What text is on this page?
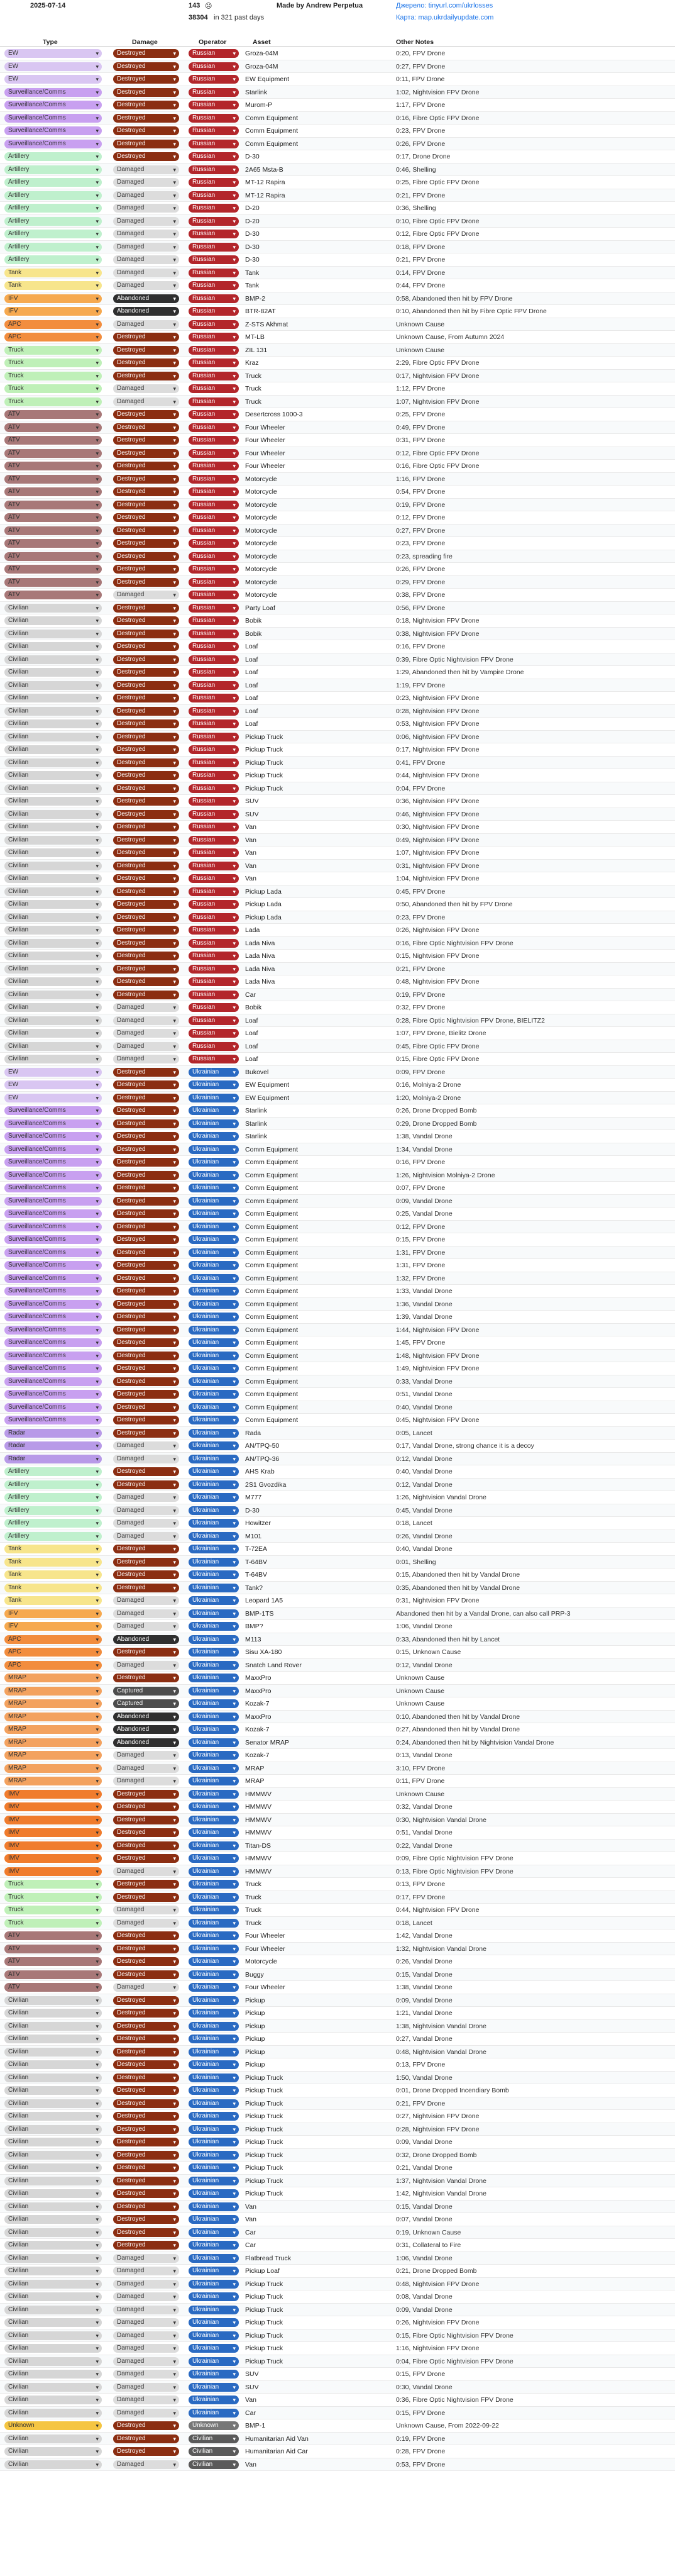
2025-07-14	143 ☹
38304 in 321 past days
Made by Andrew Perpetua	Джерело: tinyurl.com/ukrlosses
Карта: map.ukrdailyupdate.com
Type	Damage	Operator	Asset	Other Notes
EW ▾	Destroyed ▾	Russian ▾	Groza-04M	0:20, FPV Drone
EW ▾	Destroyed ▾	Russian ▾	Groza-04M	0:27, FPV Drone
EW ▾	Destroyed ▾	Russian ▾	EW Equipment	0:11, FPV Drone
Surveillance/Comms ▾	Destroyed ▾	Russian ▾	Starlink	1:02, Nightvision FPV Drone
Surveillance/Comms ▾	Destroyed ▾	Russian ▾	Murom-P	1:17, FPV Drone
Surveillance/Comms ▾	Destroyed ▾	Russian ▾	Comm Equipment	0:16, Fibre Optic FPV Drone
Surveillance/Comms ▾	Destroyed ▾	Russian ▾	Comm Equipment	0:23, FPV Drone
Surveillance/Comms ▾	Destroyed ▾	Russian ▾	Comm Equipment	0:26, FPV Drone
Artillery ▾	Destroyed ▾	Russian ▾	D-30	0:17, Drone Drone
Artillery ▾	Damaged ▾	Russian ▾	2A65 Msta-B	0:46, Shelling
Artillery ▾	Damaged ▾	Russian ▾	MT-12 Rapira	0:25, Fibre Optic FPV Drone
Artillery ▾	Damaged ▾	Russian ▾	MT-12 Rapira	0:21, FPV Drone
Artillery ▾	Damaged ▾	Russian ▾	D-20	0:36, Shelling
Artillery ▾	Damaged ▾	Russian ▾	D-20	0:10, Fibre Optic FPV Drone
Artillery ▾	Damaged ▾	Russian ▾	D-30	0:12, Fibre Optic FPV Drone
Artillery ▾	Damaged ▾	Russian ▾	D-30	0:18, FPV Drone
Artillery ▾	Damaged ▾	Russian ▾	D-30	0:21, FPV Drone
Tank ▾	Damaged ▾	Russian ▾	Tank	0:14, FPV Drone
Tank ▾	Damaged ▾	Russian ▾	Tank	0:44, FPV Drone
IFV ▾	Abandoned ▾	Russian ▾	BMP-2	0:58, Abandoned then hit by FPV Drone
IFV ▾	Abandoned ▾	Russian ▾	BTR-82AT	0:10, Abandoned then hit by Fibre Optic FPV Drone
APC ▾	Damaged ▾	Russian ▾	Z-STS Akhmat	Unknown Cause
APC ▾	Destroyed ▾	Russian ▾	MT-LB	Unknown Cause, From Autumn 2024
Truck ▾	Destroyed ▾	Russian ▾	ZIL 131	Unknown Cause
Truck ▾	Destroyed ▾	Russian ▾	Kraz	2:29, Fibre Optic FPV Drone
Truck ▾	Destroyed ▾	Russian ▾	Truck	0:17, Nightvision FPV Drone
Truck ▾	Damaged ▾	Russian ▾	Truck	1:12, FPV Drone
Truck ▾	Damaged ▾	Russian ▾	Truck	1:07, Nightvision FPV Drone
ATV ▾	Destroyed ▾	Russian ▾	Desertcross 1000-3	0:25, FPV Drone
ATV ▾	Destroyed ▾	Russian ▾	Four Wheeler	0:49, FPV Drone
ATV ▾	Destroyed ▾	Russian ▾	Four Wheeler	0:31, FPV Drone
ATV ▾	Destroyed ▾	Russian ▾	Four Wheeler	0:12, Fibre Optic FPV Drone
ATV ▾	Destroyed ▾	Russian ▾	Four Wheeler	0:16, Fibre Optic FPV Drone
ATV ▾	Destroyed ▾	Russian ▾	Motorcycle	1:16, FPV Drone
ATV ▾	Destroyed ▾	Russian ▾	Motorcycle	0:54, FPV Drone
ATV ▾	Destroyed ▾	Russian ▾	Motorcycle	0:19, FPV Drone
ATV ▾	Destroyed ▾	Russian ▾	Motorcycle	0:12, FPV Drone
ATV ▾	Destroyed ▾	Russian ▾	Motorcycle	0:27, FPV Drone
ATV ▾	Destroyed ▾	Russian ▾	Motorcycle	0:23, FPV Drone
ATV ▾	Destroyed ▾	Russian ▾	Motorcycle	0:23, spreading fire
ATV ▾	Destroyed ▾	Russian ▾	Motorcycle	0:26, FPV Drone
ATV ▾	Destroyed ▾	Russian ▾	Motorcycle	0:29, FPV Drone
ATV ▾	Damaged ▾	Russian ▾	Motorcycle	0:38, FPV Drone
Civilian ▾	Destroyed ▾	Russian ▾	Party Loaf	0:56, FPV Drone
Civilian ▾	Destroyed ▾	Russian ▾	Bobik	0:18, Nightvision FPV Drone
Civilian ▾	Destroyed ▾	Russian ▾	Bobik	0:38, Nightvision FPV Drone
Civilian ▾	Destroyed ▾	Russian ▾	Loaf	0:16, FPV Drone
Civilian ▾	Destroyed ▾	Russian ▾	Loaf	0:39, Fibre Optic Nightvision FPV Drone
Civilian ▾	Destroyed ▾	Russian ▾	Loaf	1:29, Abandoned then hit by Vampire Drone
Civilian ▾	Destroyed ▾	Russian ▾	Loaf	1:19, FPV Drone
Civilian ▾	Destroyed ▾	Russian ▾	Loaf	0:23, Nightvision FPV Drone
Civilian ▾	Destroyed ▾	Russian ▾	Loaf	0:28, Nightvision FPV Drone
Civilian ▾	Destroyed ▾	Russian ▾	Loaf	0:53, Nightvision FPV Drone
Civilian ▾	Destroyed ▾	Russian ▾	Pickup Truck	0:06, Nightvision FPV Drone
Civilian ▾	Destroyed ▾	Russian ▾	Pickup Truck	0:17, Nightvision FPV Drone
Civilian ▾	Destroyed ▾	Russian ▾	Pickup Truck	0:41, FPV Drone
Civilian ▾	Destroyed ▾	Russian ▾	Pickup Truck	0:44, Nightvision FPV Drone
Civilian ▾	Destroyed ▾	Russian ▾	Pickup Truck	0:04, FPV Drone
Civilian ▾	Destroyed ▾	Russian ▾	SUV	0:36, Nightvision FPV Drone
Civilian ▾	Destroyed ▾	Russian ▾	SUV	0:46, Nightvision FPV Drone
Civilian ▾	Destroyed ▾	Russian ▾	Van	0:30, Nightvision FPV Drone
Civilian ▾	Destroyed ▾	Russian ▾	Van	0:49, Nightvision FPV Drone
Civilian ▾	Destroyed ▾	Russian ▾	Van	1:07, Nightvision FPV Drone
Civilian ▾	Destroyed ▾	Russian ▾	Van	0:31, Nightvision FPV Drone
Civilian ▾	Destroyed ▾	Russian ▾	Van	1:04, Nightvision FPV Drone
Civilian ▾	Destroyed ▾	Russian ▾	Pickup Lada	0:45, FPV Drone
Civilian ▾	Destroyed ▾	Russian ▾	Pickup Lada	0:50, Abandoned then hit by FPV Drone
Civilian ▾	Destroyed ▾	Russian ▾	Pickup Lada	0:23, FPV Drone
Civilian ▾	Destroyed ▾	Russian ▾	Lada	0:26, Nightvision FPV Drone
Civilian ▾	Destroyed ▾	Russian ▾	Lada Niva	0:16, Fibre Optic Nightvision FPV Drone
Civilian ▾	Destroyed ▾	Russian ▾	Lada Niva	0:15, Nightvision FPV Drone
Civilian ▾	Destroyed ▾	Russian ▾	Lada Niva	0:21, FPV Drone
Civilian ▾	Destroyed ▾	Russian ▾	Lada Niva	0:48, Nightvision FPV Drone
Civilian ▾	Destroyed ▾	Russian ▾	Car	0:19, FPV Drone
Civilian ▾	Damaged ▾	Russian ▾	Bobik	0:32, FPV Drone
Civilian ▾	Damaged ▾	Russian ▾	Loaf	0:28, Fibre Optic Nightvision FPV Drone, BIELITZ2
Civilian ▾	Damaged ▾	Russian ▾	Loaf	1:07, FPV Drone, Bielitz Drone
Civilian ▾	Damaged ▾	Russian ▾	Loaf	0:45, Fibre Optic FPV Drone
Civilian ▾	Damaged ▾	Russian ▾	Loaf	0:15, Fibre Optic FPV Drone
EW ▾	Destroyed ▾	Ukrainian ▾	Bukovel	0:09, FPV Drone
EW ▾	Destroyed ▾	Ukrainian ▾	EW Equipment	0:16, Molniya-2 Drone
EW ▾	Destroyed ▾	Ukrainian ▾	EW Equipment	1:20, Molniya-2 Drone
Surveillance/Comms ▾	Destroyed ▾	Ukrainian ▾	Starlink	0:26, Drone Dropped Bomb
Surveillance/Comms ▾	Destroyed ▾	Ukrainian ▾	Starlink	0:29, Drone Dropped Bomb
Surveillance/Comms ▾	Destroyed ▾	Ukrainian ▾	Starlink	1:38, Vandal Drone
Surveillance/Comms ▾	Destroyed ▾	Ukrainian ▾	Comm Equipment	1:34, Vandal Drone
Surveillance/Comms ▾	Destroyed ▾	Ukrainian ▾	Comm Equipment	0:16, FPV Drone
Surveillance/Comms ▾	Destroyed ▾	Ukrainian ▾	Comm Equipment	1:26, Nightvision Molniya-2 Drone
Surveillance/Comms ▾	Destroyed ▾	Ukrainian ▾	Comm Equipment	0:07, FPV Drone
Surveillance/Comms ▾	Destroyed ▾	Ukrainian ▾	Comm Equipment	0:09, Vandal Drone
Surveillance/Comms ▾	Destroyed ▾	Ukrainian ▾	Comm Equipment	0:25, Vandal Drone
Surveillance/Comms ▾	Destroyed ▾	Ukrainian ▾	Comm Equipment	0:12, FPV Drone
Surveillance/Comms ▾	Destroyed ▾	Ukrainian ▾	Comm Equipment	0:15, FPV Drone
Surveillance/Comms ▾	Destroyed ▾	Ukrainian ▾	Comm Equipment	1:31, FPV Drone
Surveillance/Comms ▾	Destroyed ▾	Ukrainian ▾	Comm Equipment	1:31, FPV Drone
Surveillance/Comms ▾	Destroyed ▾	Ukrainian ▾	Comm Equipment	1:32, FPV Drone
Surveillance/Comms ▾	Destroyed ▾	Ukrainian ▾	Comm Equipment	1:33, Vandal Drone
Surveillance/Comms ▾	Destroyed ▾	Ukrainian ▾	Comm Equipment	1:36, Vandal Drone
Surveillance/Comms ▾	Destroyed ▾	Ukrainian ▾	Comm Equipment	1:39, Vandal Drone
Surveillance/Comms ▾	Destroyed ▾	Ukrainian ▾	Comm Equipment	1:44, Nightvision FPV Drone
Surveillance/Comms ▾	Destroyed ▾	Ukrainian ▾	Comm Equipment	1:45, FPV Drone
Surveillance/Comms ▾	Destroyed ▾	Ukrainian ▾	Comm Equipment	1:48, Nightvision FPV Drone
Surveillance/Comms ▾	Destroyed ▾	Ukrainian ▾	Comm Equipment	1:49, Nightvision FPV Drone
Surveillance/Comms ▾	Destroyed ▾	Ukrainian ▾	Comm Equipment	0:33, Vandal Drone
Surveillance/Comms ▾	Destroyed ▾	Ukrainian ▾	Comm Equipment	0:51, Vandal Drone
Surveillance/Comms ▾	Destroyed ▾	Ukrainian ▾	Comm Equipment	0:40, Vandal Drone
Surveillance/Comms ▾	Destroyed ▾	Ukrainian ▾	Comm Equipment	0:45, Nightvision FPV Drone
Radar ▾	Destroyed ▾	Ukrainian ▾	Rada	0:05, Lancet
Radar ▾	Damaged ▾	Ukrainian ▾	AN/TPQ-50	0:17, Vandal Drone, strong chance it is a decoy
Radar ▾	Damaged ▾	Ukrainian ▾	AN/TPQ-36	0:12, Vandal Drone
Artillery ▾	Destroyed ▾	Ukrainian ▾	AHS Krab	0:40, Vandal Drone
Artillery ▾	Destroyed ▾	Ukrainian ▾	2S1 Gvozdika	0:12, Vandal Drone
Artillery ▾	Damaged ▾	Ukrainian ▾	M777	1:26, Nightvision Vandal Drone
Artillery ▾	Damaged ▾	Ukrainian ▾	D-30	0:45, Vandal Drone
Artillery ▾	Damaged ▾	Ukrainian ▾	Howitzer	0:18, Lancet
Artillery ▾	Damaged ▾	Ukrainian ▾	M101	0:26, Vandal Drone
Tank ▾	Destroyed ▾	Ukrainian ▾	T-72EA	0:40, Vandal Drone
Tank ▾	Destroyed ▾	Ukrainian ▾	T-64BV	0:01, Shelling
Tank ▾	Destroyed ▾	Ukrainian ▾	T-64BV	0:15, Abandoned then hit by Vandal Drone
Tank ▾	Destroyed ▾	Ukrainian ▾	Tank?	0:35, Abandoned then hit by Vandal Drone
Tank ▾	Damaged ▾	Ukrainian ▾	Leopard 1A5	0:31, Nightvision FPV Drone
IFV ▾	Damaged ▾	Ukrainian ▾	BMP-1TS	Abandoned then hit by a Vandal Drone, can also call PRP-3
IFV ▾	Damaged ▾	Ukrainian ▾	BMP?	1:06, Vandal Drone
APC ▾	Abandoned ▾	Ukrainian ▾	M113	0:33, Abandoned then hit by Lancet
APC ▾	Destroyed ▾	Ukrainian ▾	Sisu XA-180	0:15, Unknown Cause
APC ▾	Damaged ▾	Ukrainian ▾	Snatch Land Rover	0:12, Vandal Drone
MRAP ▾	Destroyed ▾	Ukrainian ▾	MaxxPro	Unknown Cause
MRAP ▾	Captured ▾	Ukrainian ▾	MaxxPro	Unknown Cause
MRAP ▾	Captured ▾	Ukrainian ▾	Kozak-7	Unknown Cause
MRAP ▾	Abandoned ▾	Ukrainian ▾	MaxxPro	0:10, Abandoned then hit by Vandal Drone
MRAP ▾	Abandoned ▾	Ukrainian ▾	Kozak-7	0:27, Abandoned then hit by Vandal Drone
MRAP ▾	Abandoned ▾	Ukrainian ▾	Senator MRAP	0:24, Abandoned then hit by Nightvision Vandal Drone
MRAP ▾	Damaged ▾	Ukrainian ▾	Kozak-7	0:13, Vandal Drone
MRAP ▾	Damaged ▾	Ukrainian ▾	MRAP	3:10, FPV Drone
MRAP ▾	Damaged ▾	Ukrainian ▾	MRAP	0:11, FPV Drone
IMV ▾	Destroyed ▾	Ukrainian ▾	HMMWV	Unknown Cause
IMV ▾	Destroyed ▾	Ukrainian ▾	HMMWV	0:32, Vandal Drone
IMV ▾	Destroyed ▾	Ukrainian ▾	HMMWV	0:30, Nightvision Vandal Drone
IMV ▾	Destroyed ▾	Ukrainian ▾	HMMWV	0:51, Vandal Drone
IMV ▾	Destroyed ▾	Ukrainian ▾	Titan-DS	0:22, Vandal Drone
IMV ▾	Destroyed ▾	Ukrainian ▾	HMMWV	0:09, Fibre Optic Nightvision FPV Drone
IMV ▾	Damaged ▾	Ukrainian ▾	HMMWV	0:13, Fibre Optic Nightvision FPV Drone
Truck ▾	Destroyed ▾	Ukrainian ▾	Truck	0:13, FPV Drone
Truck ▾	Destroyed ▾	Ukrainian ▾	Truck	0:17, FPV Drone
Truck ▾	Damaged ▾	Ukrainian ▾	Truck	0:44, Nightvision FPV Drone
Truck ▾	Damaged ▾	Ukrainian ▾	Truck	0:18, Lancet
ATV ▾	Destroyed ▾	Ukrainian ▾	Four Wheeler	1:42, Vandal Drone
ATV ▾	Destroyed ▾	Ukrainian ▾	Four Wheeler	1:32, Nightvision Vandal Drone
ATV ▾	Destroyed ▾	Ukrainian ▾	Motorcycle	0:26, Vandal Drone
ATV ▾	Destroyed ▾	Ukrainian ▾	Buggy	0:15, Vandal Drone
ATV ▾	Damaged ▾	Ukrainian ▾	Four Wheeler	1:38, Vandal Drone
Civilian ▾	Destroyed ▾	Ukrainian ▾	Pickup	0:09, Vandal Drone
Civilian ▾	Destroyed ▾	Ukrainian ▾	Pickup	1:21, Vandal Drone
Civilian ▾	Destroyed ▾	Ukrainian ▾	Pickup	1:38, Nightvision Vandal Drone
Civilian ▾	Destroyed ▾	Ukrainian ▾	Pickup	0:27, Vandal Drone
Civilian ▾	Destroyed ▾	Ukrainian ▾	Pickup	0:48, Nightvision Vandal Drone
Civilian ▾	Destroyed ▾	Ukrainian ▾	Pickup	0:13, FPV Drone
Civilian ▾	Destroyed ▾	Ukrainian ▾	Pickup Truck	1:50, Vandal Drone
Civilian ▾	Destroyed ▾	Ukrainian ▾	Pickup Truck	0:01, Drone Dropped Incendiary Bomb
Civilian ▾	Destroyed ▾	Ukrainian ▾	Pickup Truck	0:21, FPV Drone
Civilian ▾	Destroyed ▾	Ukrainian ▾	Pickup Truck	0:27, Nightvision FPV Drone
Civilian ▾	Destroyed ▾	Ukrainian ▾	Pickup Truck	0:28, Nightvision FPV Drone
Civilian ▾	Destroyed ▾	Ukrainian ▾	Pickup Truck	0:09, Vandal Drone
Civilian ▾	Destroyed ▾	Ukrainian ▾	Pickup Truck	0:32, Drone Dropped Bomb
Civilian ▾	Destroyed ▾	Ukrainian ▾	Pickup Truck	0:21, Vandal Drone
Civilian ▾	Destroyed ▾	Ukrainian ▾	Pickup Truck	1:37, Nightvision Vandal Drone
Civilian ▾	Destroyed ▾	Ukrainian ▾	Pickup Truck	1:42, Nightvision Vandal Drone
Civilian ▾	Destroyed ▾	Ukrainian ▾	Van	0:15, Vandal Drone
Civilian ▾	Destroyed ▾	Ukrainian ▾	Van	0:07, Vandal Drone
Civilian ▾	Destroyed ▾	Ukrainian ▾	Car	0:19, Unknown Cause
Civilian ▾	Destroyed ▾	Ukrainian ▾	Car	0:31, Collateral to Fire
Civilian ▾	Damaged ▾	Ukrainian ▾	Flatbread Truck	1:06, Vandal Drone
Civilian ▾	Damaged ▾	Ukrainian ▾	Pickup Loaf	0:21, Drone Dropped Bomb
Civilian ▾	Damaged ▾	Ukrainian ▾	Pickup Truck	0:48, Nightvision FPV Drone
Civilian ▾	Damaged ▾	Ukrainian ▾	Pickup Truck	0:08, Vandal Drone
Civilian ▾	Damaged ▾	Ukrainian ▾	Pickup Truck	0:09, Vandal Drone
Civilian ▾	Damaged ▾	Ukrainian ▾	Pickup Truck	0:26, Nightvision FPV Drone
Civilian ▾	Damaged ▾	Ukrainian ▾	Pickup Truck	0:15, Fibre Optic Nightvision FPV Drone
Civilian ▾	Damaged ▾	Ukrainian ▾	Pickup Truck	1:16, Nightvision FPV Drone
Civilian ▾	Damaged ▾	Ukrainian ▾	Pickup Truck	0:04, Fibre Optic Nightvision FPV Drone
Civilian ▾	Damaged ▾	Ukrainian ▾	SUV	0:15, FPV Drone
Civilian ▾	Damaged ▾	Ukrainian ▾	SUV	0:30, Vandal Drone
Civilian ▾	Damaged ▾	Ukrainian ▾	Van	0:36, Fibre Optic Nightvision FPV Drone
Civilian ▾	Damaged ▾	Ukrainian ▾	Car	0:15, FPV Drone
Unknown ▾	Destroyed ▾	Unknown ▾	BMP-1	Unknown Cause, From 2022-09-22
Civilian ▾	Destroyed ▾	Civilian ▾	Humanitarian Aid Van	0:19, FPV Drone
Civilian ▾	Destroyed ▾	Civilian ▾	Humanitarian Aid Car	0:28, FPV Drone
Civilian ▾	Damaged ▾	Civilian ▾	Van	0:53, FPV Drone
